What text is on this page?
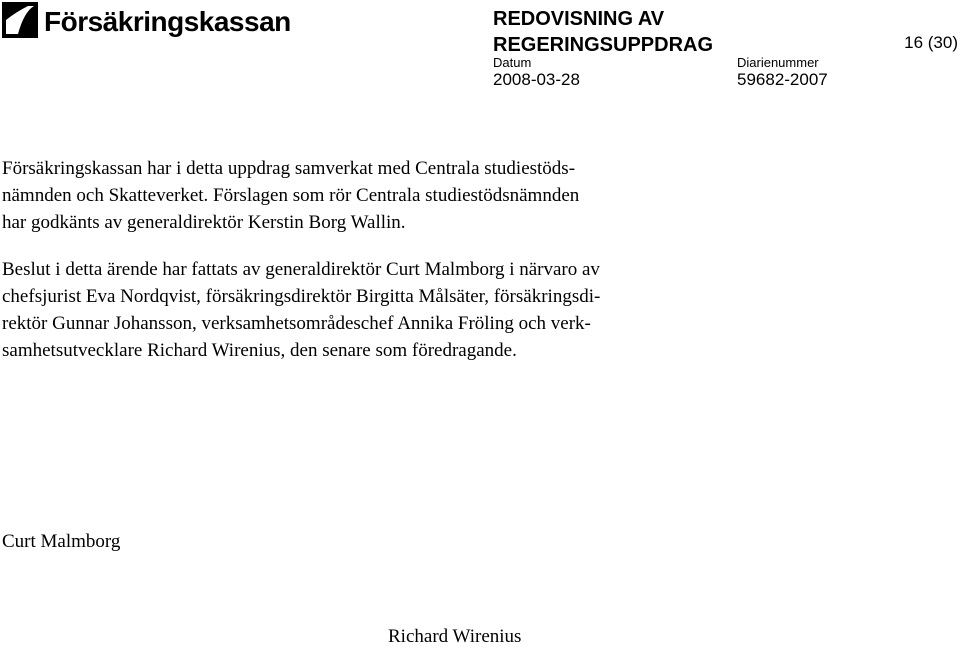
Försäkringskassan	REDOVISNING AV
REGERINGSUPPDRAG	16 (30)
Datum
2008-03-28
Diarienummer
59682-2007

Försäkringskassan har i detta uppdrag samverkat med Centrala studiestöds-
nämnden och Skatteverket. Förslagen som rör Centrala studiestödsnämnden
har godkänts av generaldirektör Kerstin Borg Wallin.

Beslut i detta ärende har fattats av generaldirektör Curt Malmborg i närvaro av
chefsjurist Eva Nordqvist, försäkringsdirektör Birgitta Målsäter, försäkringsdi-
rektör Gunnar Johansson, verksamhetsområdeschef Annika Fröling och verk-
samhetsutvecklare Richard Wirenius, den senare som föredragande.

Curt Malmborg
Richard Wirenius
